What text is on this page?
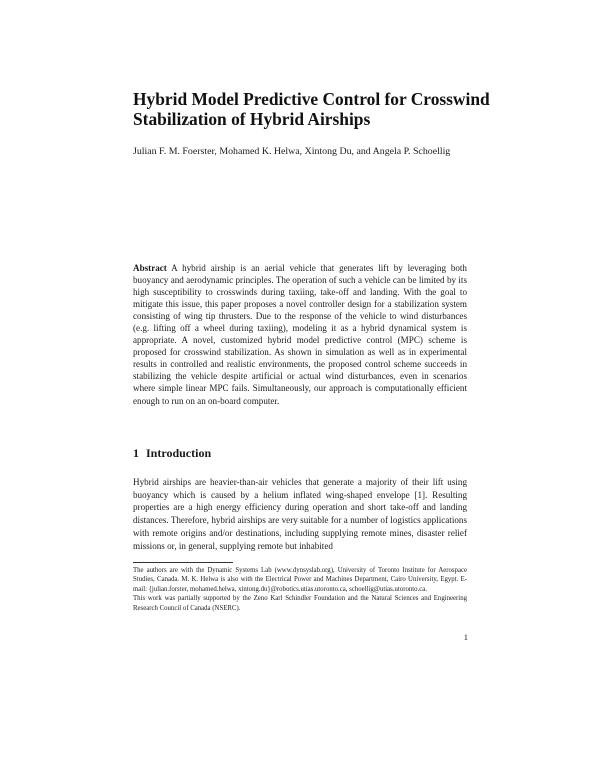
Hybrid Model Predictive Control for Crosswind Stabilization of Hybrid Airships

Julian F. M. Foerster, Mohamed K. Helwa, Xintong Du, and Angela P. Schoellig

Abstract A hybrid airship is an aerial vehicle that generates lift by leveraging both buoyancy and aerodynamic principles. The operation of such a vehicle can be limited by its high susceptibility to crosswinds during taxiing, take-off and landing. With the goal to mitigate this issue, this paper proposes a novel controller design for a stabilization system consisting of wing tip thrusters. Due to the response of the vehicle to wind disturbances (e.g. lifting off a wheel during taxiing), modeling it as a hybrid dynamical system is appropriate. A novel, customized hybrid model predictive control (MPC) scheme is proposed for crosswind stabilization. As shown in simulation as well as in experimental results in controlled and realistic environments, the proposed control scheme succeeds in stabilizing the vehicle despite artificial or actual wind disturbances, even in scenarios where simple linear MPC fails. Simultaneously, our approach is computationally efficient enough to run on an on-board computer.

1 Introduction

Hybrid airships are heavier-than-air vehicles that generate a majority of their lift using buoyancy which is caused by a helium inflated wing-shaped envelope [1]. Resulting properties are a high energy efficiency during operation and short take-off and landing distances. Therefore, hybrid airships are very suitable for a number of logistics applications with remote origins and/or destinations, including supplying remote mines, disaster relief missions or, in general, supplying remote but inhabited

The authors are with the Dynamic Systems Lab (www.dynsyslab.org), University of Toronto Institute for Aerospace Studies, Canada. M. K. Helwa is also with the Electrical Power and Machines Department, Cairo University, Egypt. E-mail: {julian.forster, mohamed.helwa, xintong.du}@robotics.utias.utoronto.ca, schoellig@utias.utoronto.ca.

This work was partially supported by the Zeno Karl Schindler Foundation and the Natural Sciences and Engineering Research Council of Canada (NSERC).

1
